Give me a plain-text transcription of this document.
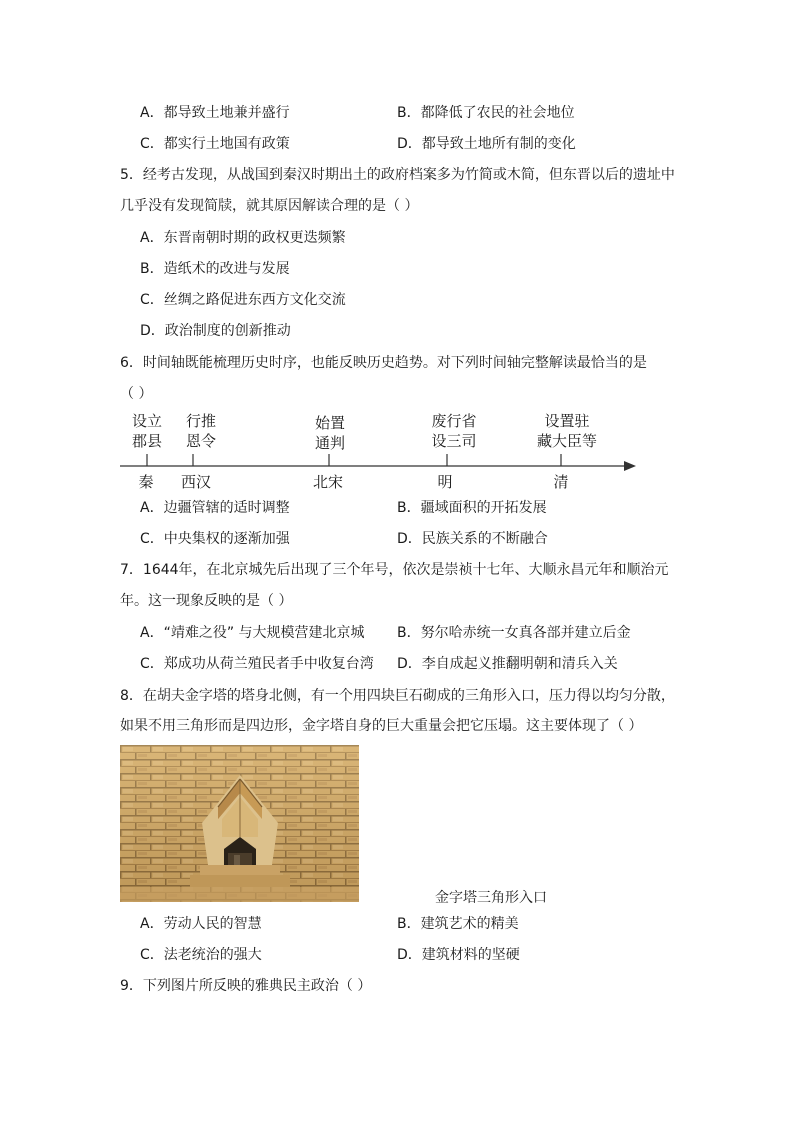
A．都导致土地兼并盛行	B．都降低了农民的社会地位
C．都实行土地国有政策	D．都导致土地所有制的变化
5．经考古发现，从战国到秦汉时期出土的政府档案多为竹简或木简，但东晋以后的遗址中
几乎没有发现简牍，就其原因解读合理的是（ ）
A．东晋南朝时期的政权更迭频繁
B．造纸术的改进与发展
C．丝绸之路促进东西方文化交流
D．政治制度的创新推动
6．时间轴既能梳理历史时序，也能反映历史趋势。对下列时间轴完整解读最恰当的是
（ ）
设立
郡县
行推
恩令
始置
通判
废行省
设三司
设置驻
藏大臣等
秦 西汉	北宋	明	清
A．边疆管辖的适时调整	B．疆域面积的开拓发展
C．中央集权的逐渐加强	D．民族关系的不断融合
7．1644年，在北京城先后出现了三个年号，依次是崇祯十七年、大顺永昌元年和顺治元
年。这一现象反映的是（ ）
A．“靖难之役” 与大规模营建北京城 B．努尔哈赤统一女真各部并建立后金
C．郑成功从荷兰殖民者手中收复台湾 D．李自成起义推翻明朝和清兵入关
8．在胡夫金字塔的塔身北侧，有一个用四块巨石砌成的三角形入口，压力得以均匀分散，
如果不用三角形而是四边形，金字塔自身的巨大重量会把它压塌。这主要体现了（ ）
金字塔三角形入口
A．劳动人民的智慧	B．建筑艺术的精美
C．法老统治的强大	D．建筑材料的坚硬
9．下列图片所反映的雅典民主政治（ ）
